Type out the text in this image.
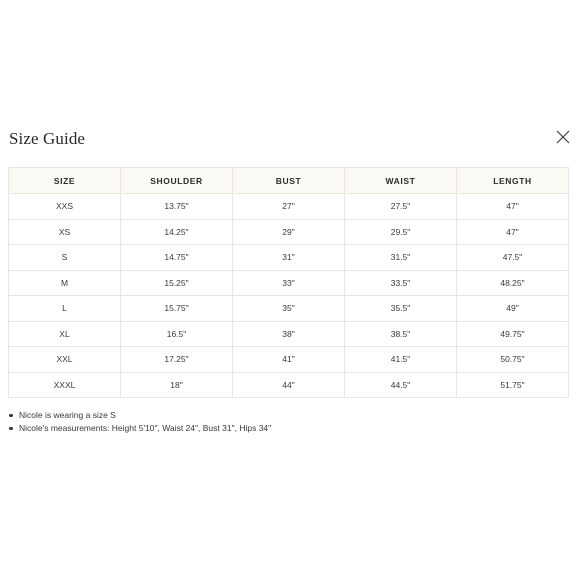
Size Guide
SIZE	SHOULDER	BUST	WAIST	LENGTH
XXS	13.75"	27"	27.5"	47"
XS	14.25"	29"	29.5"	47"
S	14.75"	31"	31.5"	47.5"
M	15.25"	33"	33.5"	48.25"
L	15.75"	35"	35.5"	49"
XL	16.5"	38"	38.5"	49.75"
XXL	17.25"	41"	41.5"	50.75"
XXXL	18"	44"	44.5"	51.75"
Nicole is wearing a size S
Nicole's measurements: Height 5'10", Waist 24", Bust 31", Hips 34"
